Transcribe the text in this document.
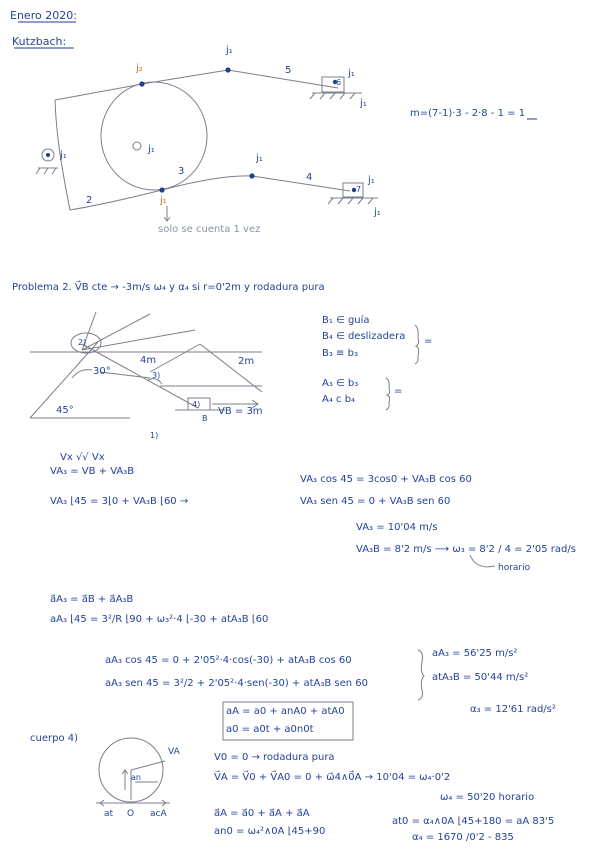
Enero 2020:
Kutzbach:
j₁
j₂	j₁
j₁
j₁
j₁
j₁
j₁
j₁
j₁
2
3
4
5
6
7
solo se cuenta 1 vez
m=(7-1)·3 - 2·8 - 1 = 1
Problema 2. V⃗B cte → -3m/s ω₄ y α₄ si r=0'2m y rodadura pura
4m	2m
30°
45°	VB = 3m
2)
3)
4)
1)
B
B₁ ∈ guía
B₄ ∈ deslizadera
B₃ ≡ b₃
=
A₃ ∈ b₃
A₄ c b₄
=
Vx √√ Vx
VA₃ = VB + VA₃B
VA₃ ⌊45 = 3⌊0 + VA₃B ⌊60 →
VA₃ cos 45 = 3cos0 + VA₃B cos 60
VA₃ sen 45 = 0 + VA₃B sen 60
VA₃ = 10'04 m/s
VA₃B = 8'2 m/s ⟶ ω₃ = 8'2 / 4 = 2'05 rad/s
horario
a⃗A₃ = a⃗B + a⃗A₃B
aA₃ ⌊45 = 3²/R ⌊90 + ω₃²·4 ⌊-30 + atA₃B ⌊60
aA₃ cos 45 = 0 + 2'05²·4·cos(-30) + atA₃B cos 60
aA₃ sen 45 = 3²/2 + 2'05²·4·sen(-30) + atA₃B sen 60
aA₃ = 56'25 m/s²
atA₃B = 50'44 m/s²
α₃ = 12'61 rad/s²
aA = a0 + anA0 + atA0
a0 = a0t + a0n0t
cuerpo 4)
VA
an
at O acA
V0 = 0 → rodadura pura
V⃗A = V⃗0 + V⃗A0 = 0 + ω⃗4∧0⃗A → 10'04 = ω₄·0'2
ω₄ = 50'20 horario
a⃗A = a⃗0 + a⃗A + a⃗A
an0 = ω₄²∧0A ⌊45+90
at0 = α₄∧0A ⌊45+180 = aA 83'5
α₄ = 1670 /0'2 - 835
